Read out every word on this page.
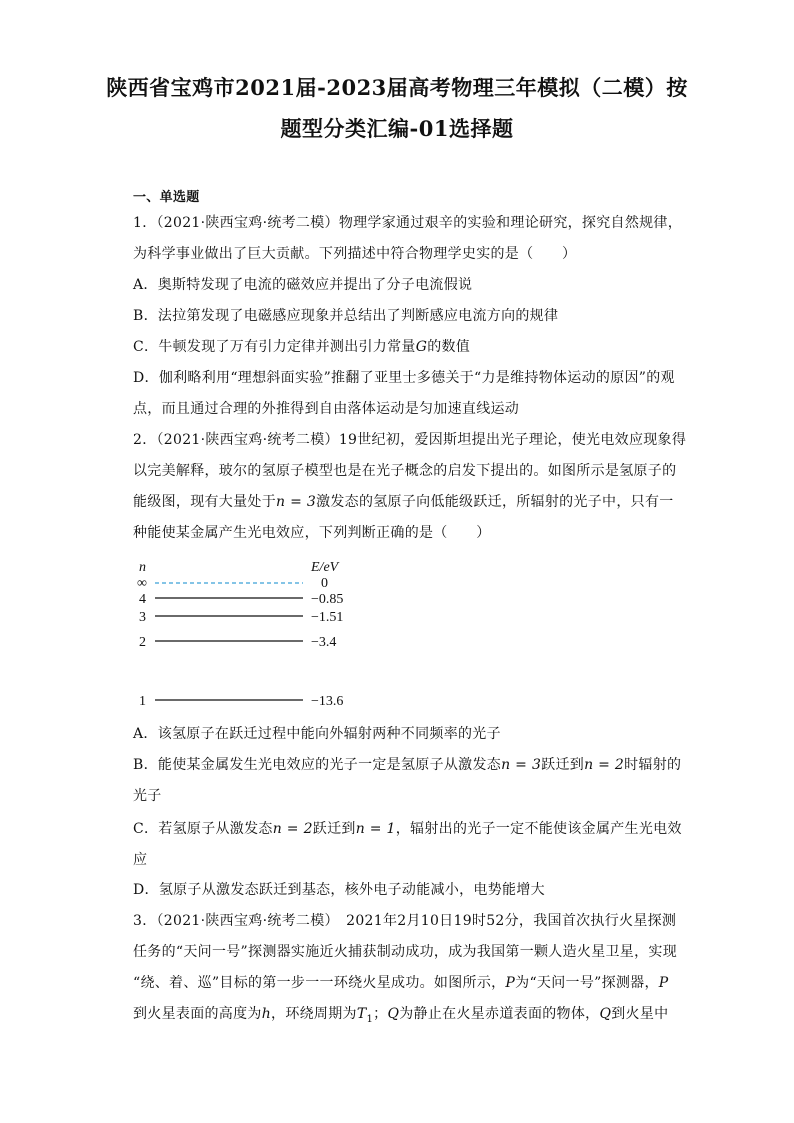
陕西省宝鸡市2021届-2023届高考物理三年模拟（二模）按
题型分类汇编-01选择题
一、单选题
1．（2021·陕西宝鸡·统考二模）物理学家通过艰辛的实验和理论研究，探究自然规律，
为科学事业做出了巨大贡献。下列描述中符合物理学史实的是（　　）
A．奥斯特发现了电流的磁效应并提出了分子电流假说
B．法拉第发现了电磁感应现象并总结出了判断感应电流方向的规律
C．牛顿发现了万有引力定律并测出引力常量G的数值
D．伽利略利用“理想斜面实验”推翻了亚里士多德关于“力是维持物体运动的原因”的观
点，而且通过合理的外推得到自由落体运动是匀加速直线运动
2．（2021·陕西宝鸡·统考二模）19世纪初，爱因斯坦提出光子理论，使光电效应现象得
以完美解释，玻尔的氢原子模型也是在光子概念的启发下提出的。如图所示是氢原子的
能级图，现有大量处于n = 3激发态的氢原子向低能级跃迁，所辐射的光子中，只有一
种能使某金属产生光电效应，下列判断正确的是（　　）
n	E/eV
∞	0
4	−0.85
3	−1.51
2	−3.4
1	−13.6
A．该氢原子在跃迁过程中能向外辐射两种不同频率的光子
B．能使某金属发生光电效应的光子一定是氢原子从激发态n = 3跃迁到n = 2时辐射的
光子
C．若氢原子从激发态n = 2跃迁到n = 1，辐射出的光子一定不能使该金属产生光电效
应
D．氢原子从激发态跃迁到基态，核外电子动能减小，电势能增大
3．（2021·陕西宝鸡·统考二模）　2021年2月10日19时52分，我国首次执行火星探测
任务的“天问一号”探测器实施近火捕获制动成功，成为我国第一颗人造火星卫星，实现
“绕、着、巡”目标的第一步一一环绕火星成功。如图所示，P为“天问一号”探测器，P
到火星表面的高度为h，环绕周期为$T_1$；Q为静止在火星赤道表面的物体，Q到火星中
